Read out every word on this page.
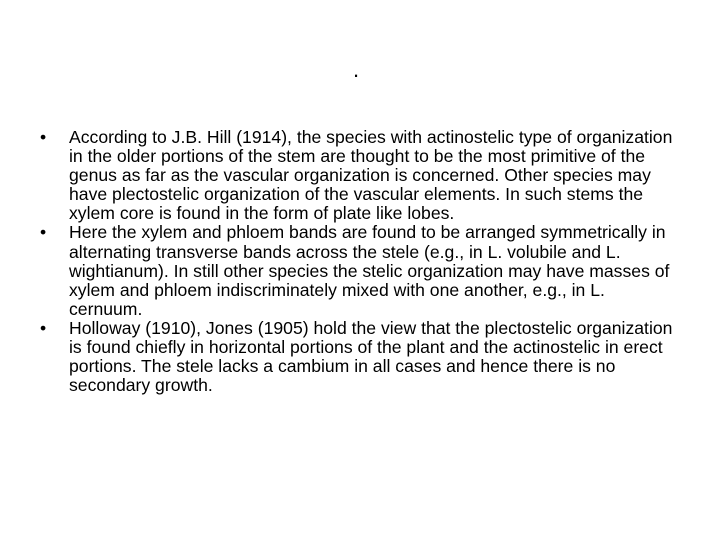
.
•	According to J.B. Hill (1914), the species with actinostelic type of organization in the older portions of the stem are thought to be the most primitive of the genus as far as the vascular organization is concerned. Other species may have plectostelic organization of the vascular elements. In such stems the xylem core is found in the form of plate like lobes.
•	Here the xylem and phloem bands are found to be arranged symmetrically in alternating transverse bands across the stele (e.g., in L. volubile and L. wightianum). In still other species the stelic organization may have masses of xylem and phloem indiscriminately mixed with one another, e.g., in L. cernuum.
•	Holloway (1910), Jones (1905) hold the view that the plectostelic organization is found chiefly in horizontal portions of the plant and the actinostelic in erect portions. The stele lacks a cambium in all cases and hence there is no secondary growth.
